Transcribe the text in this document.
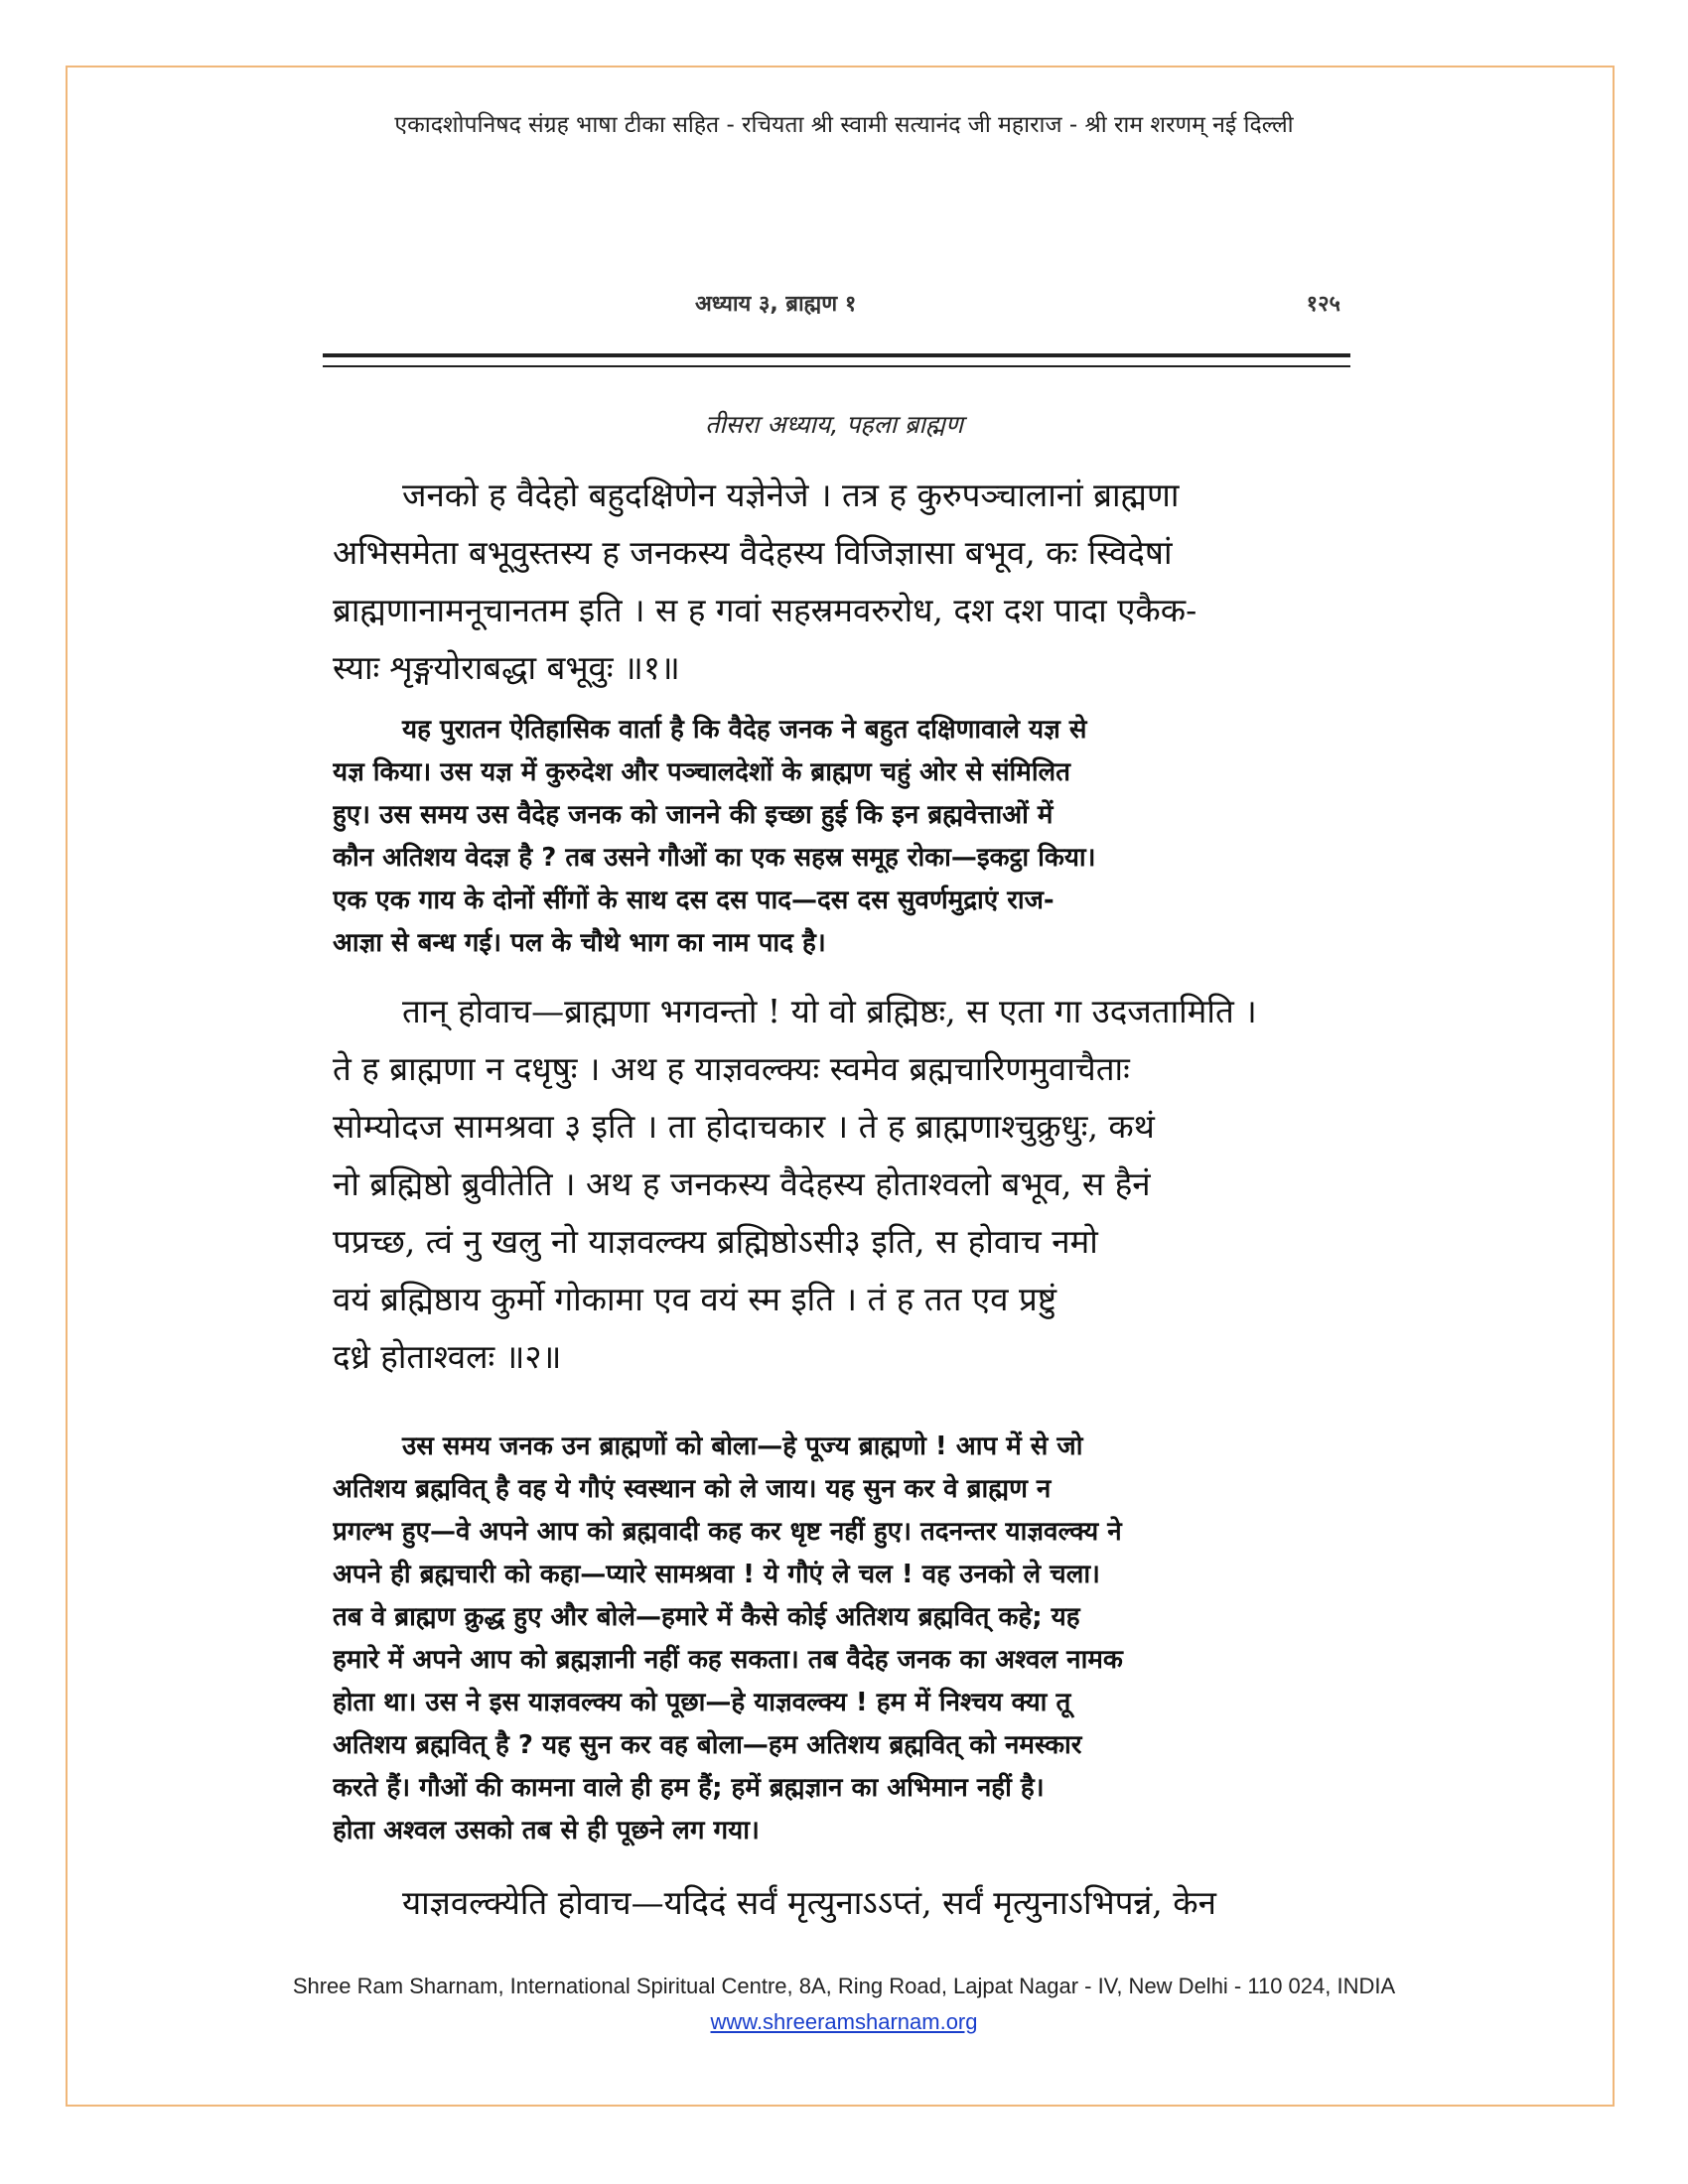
एकादशोपनिषद संग्रह भाषा टीका सहित - रचियता श्री स्वामी सत्यानंद जी महाराज - श्री राम शरणम् नई दिल्ली
अध्याय ३, ब्राह्मण १	१२५
तीसरा अध्याय, पहला ब्राह्मण
जनको ह वैदेहो बहुदक्षिणेन यज्ञेनेजे । तत्र ह कुरुपञ्चालानां ब्राह्मणा
अभिसमेता बभूवुस्तस्य ह जनकस्य वैदेहस्य विजिज्ञासा बभूव, कः स्विदेषां
ब्राह्मणानामनूचानतम इति । स ह गवां सहस्रमवरुरोध, दश दश पादा एकैक-
स्याः शृङ्गयोराबद्धा बभूवुः ॥१॥
यह पुरातन ऐतिहासिक वार्ता है कि वैदेह जनक ने बहुत दक्षिणावाले यज्ञ से
यज्ञ किया। उस यज्ञ में कुरुदेश और पञ्चालदेशों के ब्राह्मण चहुं ओर से संमिलित
हुए। उस समय उस वैदेह जनक को जानने की इच्छा हुई कि इन ब्रह्मवेत्ताओं में
कौन अतिशय वेदज्ञ है ? तब उसने गौओं का एक सहस्र समूह रोका—इकट्ठा किया।
एक एक गाय के दोनों सींगों के साथ दस दस पाद—दस दस सुवर्णमुद्राएं राज-
आज्ञा से बन्ध गई। पल के चौथे भाग का नाम पाद है।
तान् होवाच—ब्राह्मणा भगवन्तो ! यो वो ब्रह्मिष्ठः, स एता गा उदजतामिति ।
ते ह ब्राह्मणा न दधृषुः । अथ ह याज्ञवल्क्यः स्वमेव ब्रह्मचारिणमुवाचैताः
सोम्योदज सामश्रवा ३ इति । ता होदाचकार । ते ह ब्राह्मणाश्चुक्रुधुः, कथं
नो ब्रह्मिष्ठो ब्रुवीतेति । अथ ह जनकस्य वैदेहस्य होताश्वलो बभूव, स हैनं
पप्रच्छ, त्वं नु खलु नो याज्ञवल्क्य ब्रह्मिष्ठोऽसी३ इति, स होवाच नमो
वयं ब्रह्मिष्ठाय कुर्मो गोकामा एव वयं स्म इति । तं ह तत एव प्रष्टुं
दध्रे होताश्वलः ॥२॥
उस समय जनक उन ब्राह्मणों को बोला—हे पूज्य ब्राह्मणो ! आप में से जो
अतिशय ब्रह्मवित् है वह ये गौएं स्वस्थान को ले जाय। यह सुन कर वे ब्राह्मण न
प्रगल्भ हुए—वे अपने आप को ब्रह्मवादी कह कर धृष्ट नहीं हुए। तदनन्तर याज्ञवल्क्य ने
अपने ही ब्रह्मचारी को कहा—प्यारे सामश्रवा ! ये गौएं ले चल ! वह उनको ले चला।
तब वे ब्राह्मण क्रुद्ध हुए और बोले—हमारे में कैसे कोई अतिशय ब्रह्मवित् कहे; यह
हमारे में अपने आप को ब्रह्मज्ञानी नहीं कह सकता। तब वैदेह जनक का अश्वल नामक
होता था। उस ने इस याज्ञवल्क्य को पूछा—हे याज्ञवल्क्य ! हम में निश्चय क्या तू
अतिशय ब्रह्मवित् है ? यह सुन कर वह बोला—हम अतिशय ब्रह्मवित् को नमस्कार
करते हैं। गौओं की कामना वाले ही हम हैं; हमें ब्रह्मज्ञान का अभिमान नहीं है।
होता अश्वल उसको तब से ही पूछने लग गया।
याज्ञवल्क्येति होवाच—यदिदं सर्वं मृत्युनाऽऽप्तं, सर्वं मृत्युनाऽभिपन्नं, केन
Shree Ram Sharnam, International Spiritual Centre, 8A, Ring Road, Lajpat Nagar - IV, New Delhi - 110 024, INDIA
www.shreeramsharnam.org
